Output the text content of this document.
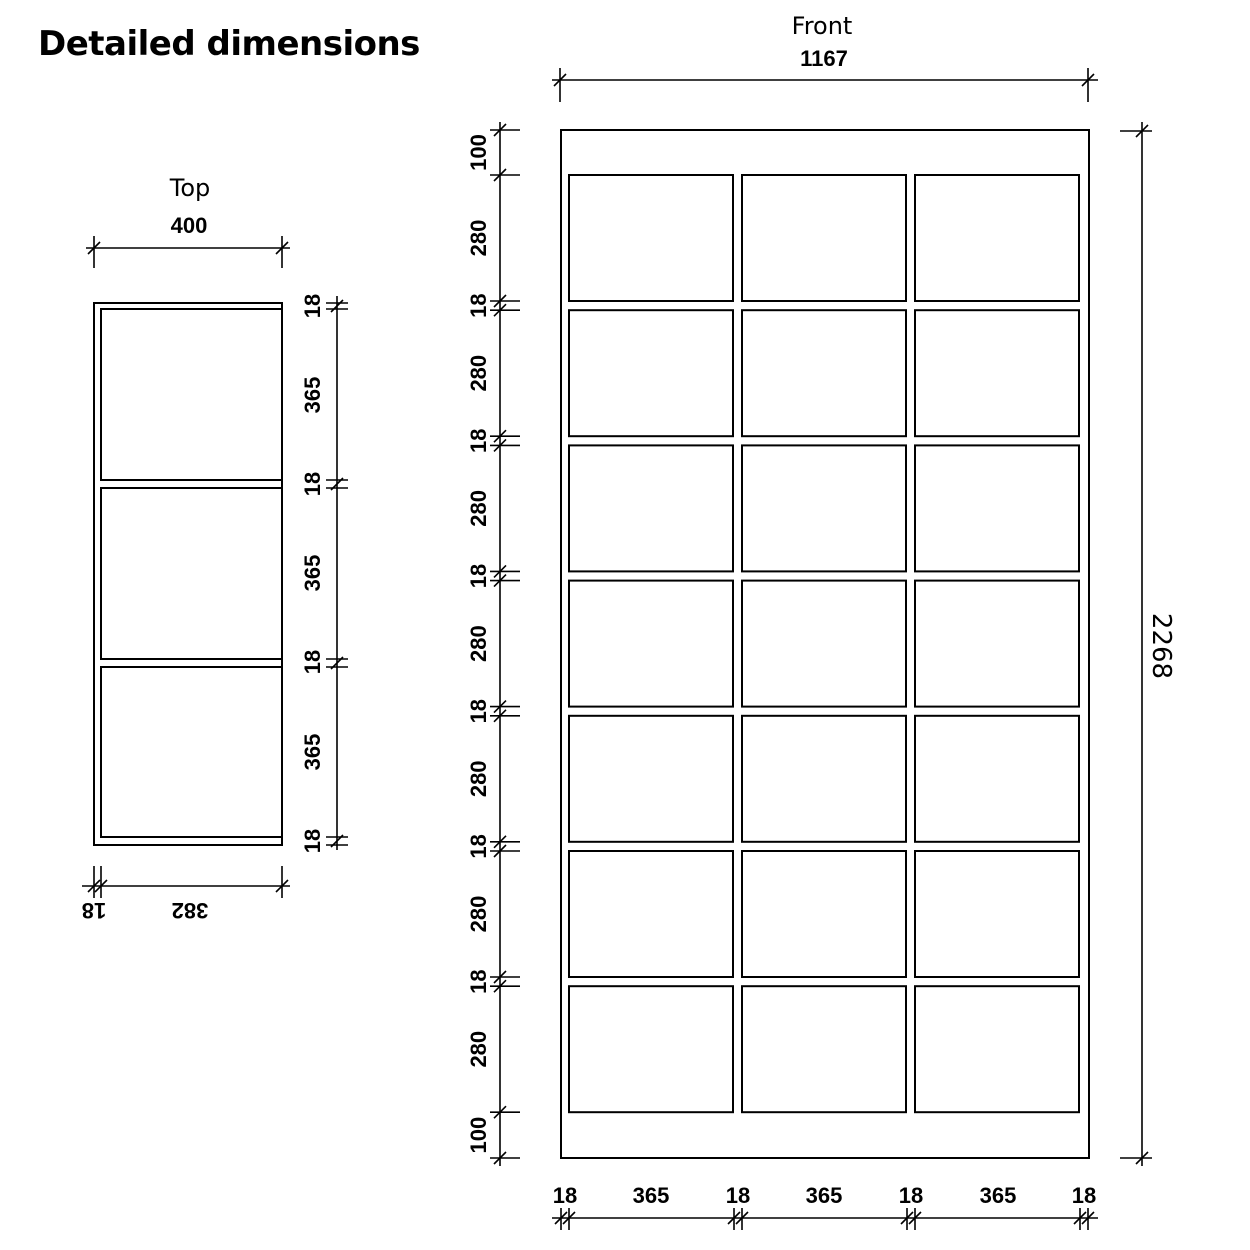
Detailed dimensions
Top
400
18
365
18
365
18
365
18
18	382
Front
1167
100
280
18
280
18
280
18
280
18
280
18
280
18
280
100
2268
18	365	18	365	18	365	18
